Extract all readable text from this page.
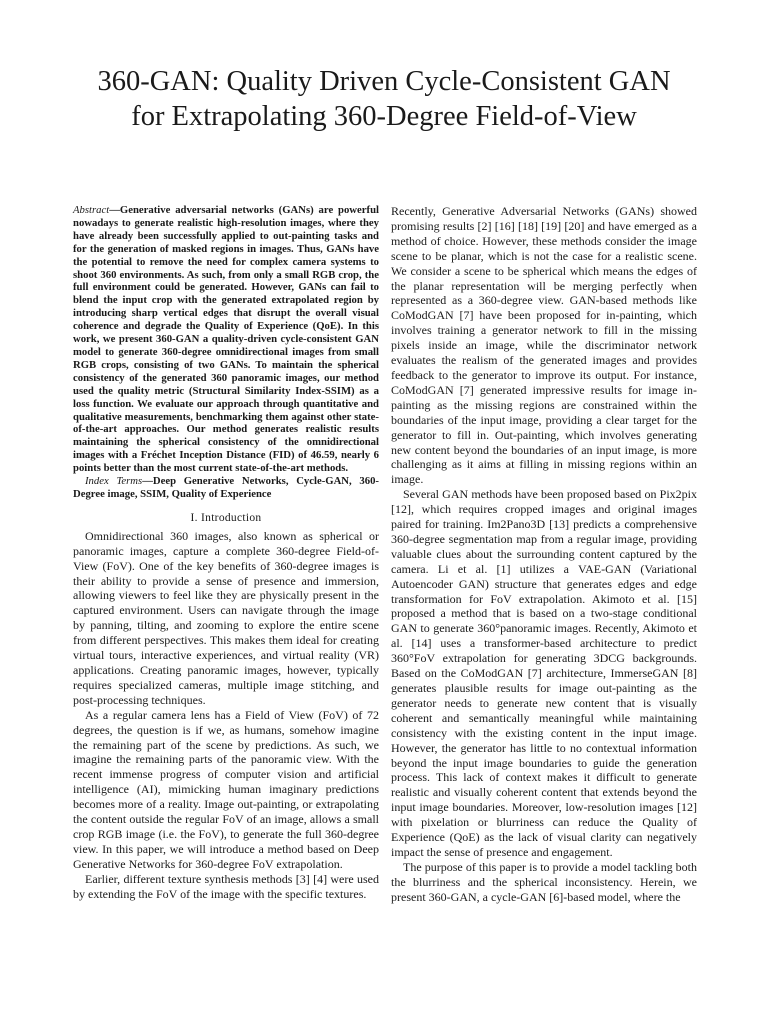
360-GAN: Quality Driven Cycle-Consistent GAN
for Extrapolating 360-Degree Field-of-View

Abstract—Generative adversarial networks (GANs) are powerful nowadays to generate realistic high-resolution images, where they have already been successfully applied to out-painting tasks and for the generation of masked regions in images. Thus, GANs have the potential to remove the need for complex camera systems to shoot 360 environments. As such, from only a small RGB crop, the full environment could be generated. However, GANs can fail to blend the input crop with the generated extrapolated region by introducing sharp vertical edges that disrupt the overall visual coherence and degrade the Quality of Experience (QoE). In this work, we present 360-GAN a quality-driven cycle-consistent GAN model to generate 360-degree omnidirectional images from small RGB crops, consisting of two GANs. To maintain the spherical consistency of the generated 360 panoramic images, our method used the quality metric (Structural Similarity Index-SSIM) as a loss function. We evaluate our approach through quantitative and qualitative measurements, benchmarking them against other state-of-the-art approaches. Our method generates realistic results maintaining the spherical consistency of the omnidirectional images with a Fréchet Inception Distance (FID) of 46.59, nearly 6 points better than the most current state-of-the-art methods.

Index Terms—Deep Generative Networks, Cycle-GAN, 360-Degree image, SSIM, Quality of Experience

I. Introduction

Omnidirectional 360 images, also known as spherical or panoramic images, capture a complete 360-degree Field-of-View (FoV). One of the key benefits of 360-degree images is their ability to provide a sense of presence and immersion, allowing viewers to feel like they are physically present in the captured environment. Users can navigate through the image by panning, tilting, and zooming to explore the entire scene from different perspectives. This makes them ideal for creating virtual tours, interactive experiences, and virtual reality (VR) applications. Creating panoramic images, however, typically requires specialized cameras, multiple image stitching, and post-processing techniques.

As a regular camera lens has a Field of View (FoV) of 72 degrees, the question is if we, as humans, somehow imagine the remaining part of the scene by predictions. As such, we imagine the remaining parts of the panoramic view. With the recent immense progress of computer vision and artificial intelligence (AI), mimicking human imaginary predictions becomes more of a reality. Image out-painting, or extrapolating the content outside the regular FoV of an image, allows a small crop RGB image (i.e. the FoV), to generate the full 360-degree view. In this paper, we will introduce a method based on Deep Generative Networks for 360-degree FoV extrapolation.

Earlier, different texture synthesis methods [3] [4] were used by extending the FoV of the image with the specific textures.

Recently, Generative Adversarial Networks (GANs) showed promising results [2] [16] [18] [19] [20] and have emerged as a method of choice. However, these methods consider the image scene to be planar, which is not the case for a realistic scene. We consider a scene to be spherical which means the edges of the planar representation will be merging perfectly when represented as a 360-degree view. GAN-based methods like CoModGAN [7] have been proposed for in-painting, which involves training a generator network to fill in the missing pixels inside an image, while the discriminator network evaluates the realism of the generated images and provides feedback to the generator to improve its output. For instance, CoModGAN [7] generated impressive results for image in-painting as the missing regions are constrained within the boundaries of the input image, providing a clear target for the generator to fill in. Out-painting, which involves generating new content beyond the boundaries of an input image, is more challenging as it aims at filling in missing regions within an image.

Several GAN methods have been proposed based on Pix2pix [12], which requires cropped images and original images paired for training. Im2Pano3D [13] predicts a comprehensive 360-degree segmentation map from a regular image, providing valuable clues about the surrounding content captured by the camera. Li et al. [1] utilizes a VAE-GAN (Variational Autoencoder GAN) structure that generates edges and edge transformation for FoV extrapolation. Akimoto et al. [15] proposed a method that is based on a two-stage conditional GAN to generate 360°panoramic images. Recently, Akimoto et al. [14] uses a transformer-based architecture to predict 360°FoV extrapolation for generating 3DCG backgrounds. Based on the CoModGAN [7] architecture, ImmerseGAN [8] generates plausible results for image out-painting as the generator needs to generate new content that is visually coherent and semantically meaningful while maintaining consistency with the existing content in the input image. However, the generator has little to no contextual information beyond the input image boundaries to guide the generation process. This lack of context makes it difficult to generate realistic and visually coherent content that extends beyond the input image boundaries. Moreover, low-resolution images [12] with pixelation or blurriness can reduce the Quality of Experience (QoE) as the lack of visual clarity can negatively impact the sense of presence and engagement.

The purpose of this paper is to provide a model tackling both the blurriness and the spherical inconsistency. Herein, we present 360-GAN, a cycle-GAN [6]-based model, where the
